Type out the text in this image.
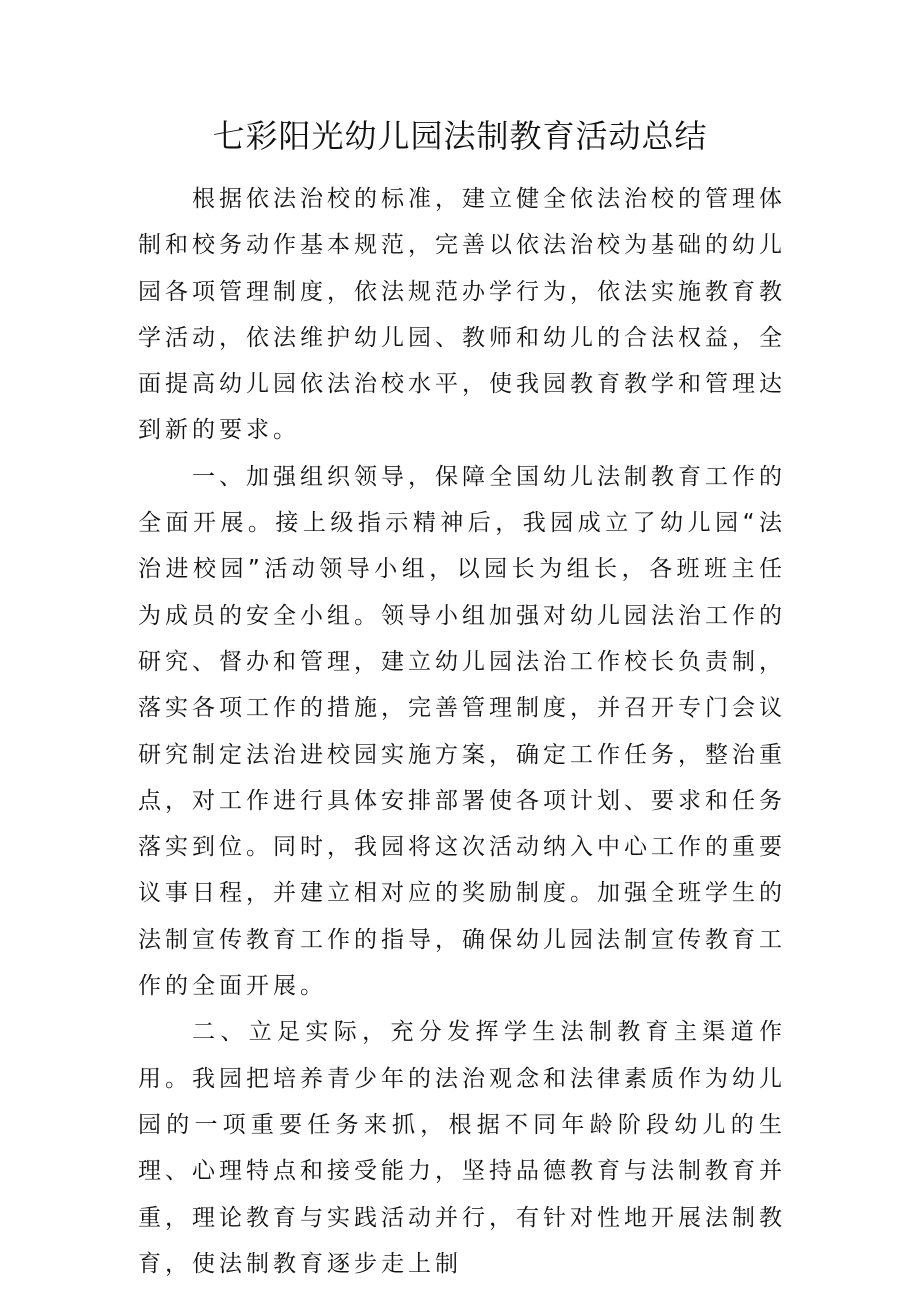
七彩阳光幼儿园法制教育活动总结

根据依法治校的标准，建立健全依法治校的管理体制和校务动作基本规范，完善以依法治校为基础的幼儿园各项管理制度，依法规范办学行为，依法实施教育教学活动，依法维护幼儿园、教师和幼儿的合法权益，全面提高幼儿园依法治校水平，使我园教育教学和管理达到新的要求。

一、加强组织领导，保障全国幼儿法制教育工作的全面开展。接上级指示精神后，我园成立了幼儿园“法治进校园”活动领导小组，以园长为组长，各班班主任为成员的安全小组。领导小组加强对幼儿园法治工作的研究、督办和管理，建立幼儿园法治工作校长负责制，落实各项工作的措施，完善管理制度，并召开专门会议研究制定法治进校园实施方案，确定工作任务，整治重点，对工作进行具体安排部署使各项计划、要求和任务落实到位。同时，我园将这次活动纳入中心工作的重要议事日程，并建立相对应的奖励制度。加强全班学生的法制宣传教育工作的指导，确保幼儿园法制宣传教育工作的全面开展。

二、立足实际，充分发挥学生法制教育主渠道作用。我园把培养青少年的法治观念和法律素质作为幼儿园的一项重要任务来抓，根据不同年龄阶段幼儿的生理、心理特点和接受能力，坚持品德教育与法制教育并重，理论教育与实践活动并行，有针对性地开展法制教育，使法制教育逐步走上制
